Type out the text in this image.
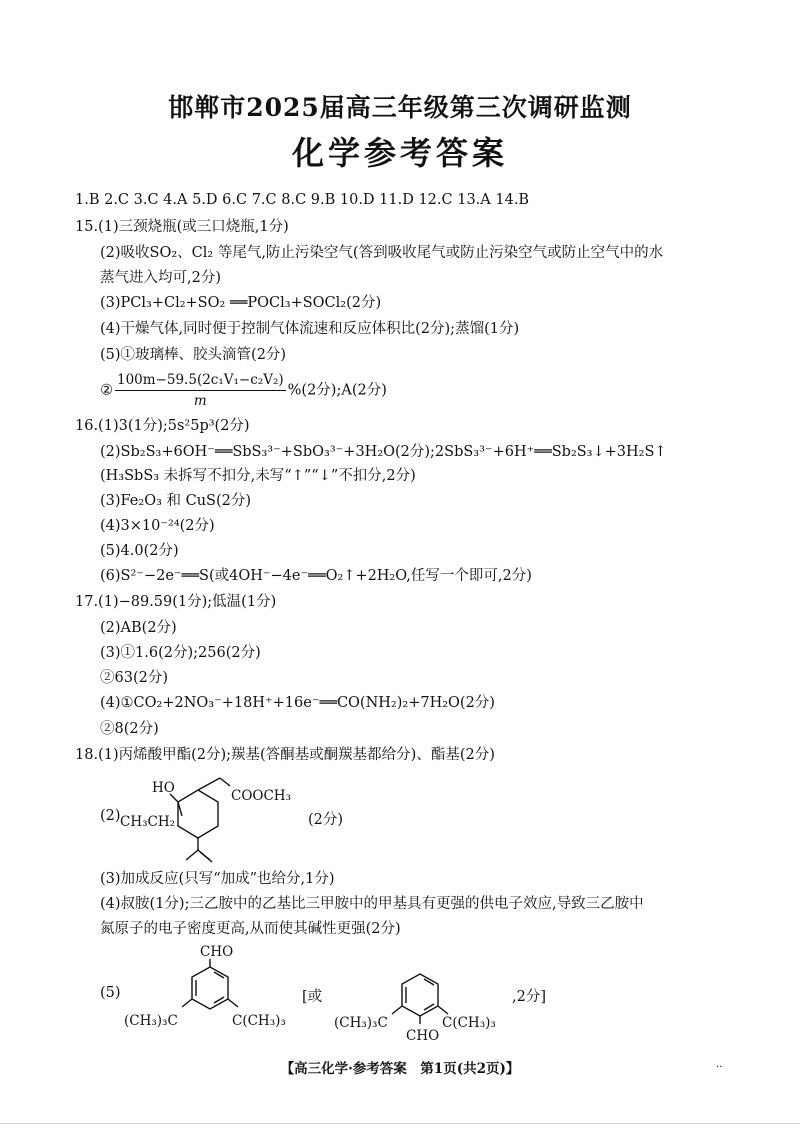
邯郸市2025届高三年级第三次调研监测
化学参考答案
1.B 2.C 3.C 4.A 5.D 6.C 7.C 8.C 9.B 10.D 11.D 12.C 13.A 14.B
15.(1)三颈烧瓶(或三口烧瓶,1分)
(2)吸收SO₂、Cl₂ 等尾气,防止污染空气(答到吸收尾气或防止污染空气或防止空气中的水
蒸气进入均可,2分)
(3)PCl₃+Cl₂+SO₂ ══POCl₃+SOCl₂(2分)
(4)干燥气体,同时便于控制气体流速和反应体积比(2分);蒸馏(1分)
(5)①玻璃棒、胶头滴管(2分)
② $\frac{\text{100m−59.5(2c₁V₁−c₂V₂)}}{m} \%(2$分);A(2分)
16.(1)3(1分);5s²5p³(2分)
(2)Sb₂S₃+6OH⁻══SbS₃³⁻+SbO₃³⁻+3H₂O(2分);2SbS₃³⁻+6H⁺══Sb₂S₃↓+3H₂S↑
(H₃SbS₃ 未拆写不扣分,未写“↑”“↓”不扣分,2分)
(3)Fe₂O₃ 和 CuS(2分)
(4)3×10⁻²⁴(2分)
(5)4.0(2分)
(6)S²⁻−2e⁻══S(或4OH⁻−4e⁻══O₂↑+2H₂O,任写一个即可,2分)
17.(1)−89.59(1分);低温(1分)
(2)AB(2分)
(3)①1.6(2分);256(2分)
②63(2分)
(4)①CO₂+2NO₃⁻+18H⁺+16e⁻══CO(NH₂)₂+7H₂O(2分)
②8(2分)
18.(1)丙烯酸甲酯(2分);羰基(答酮基或酮羰基都给分)、酯基(2分)
(2)
HO	COOCH₃
CH₃CH₂	(2分)
(3)加成反应(只写“加成”也给分,1分)
(4)叔胺(1分);三乙胺中的乙基比三甲胺中的甲基具有更强的供电子效应,导致三乙胺中
氮原子的电子密度更高,从而使其碱性更强(2分)
(5)
CHO
(CH₃)₃C	C(CH₃)₃
[或
(CH₃)₃C	C(CH₃)₃
CHO
,2分]
【高三化学·参考答案　第1页(共2页)】	··
